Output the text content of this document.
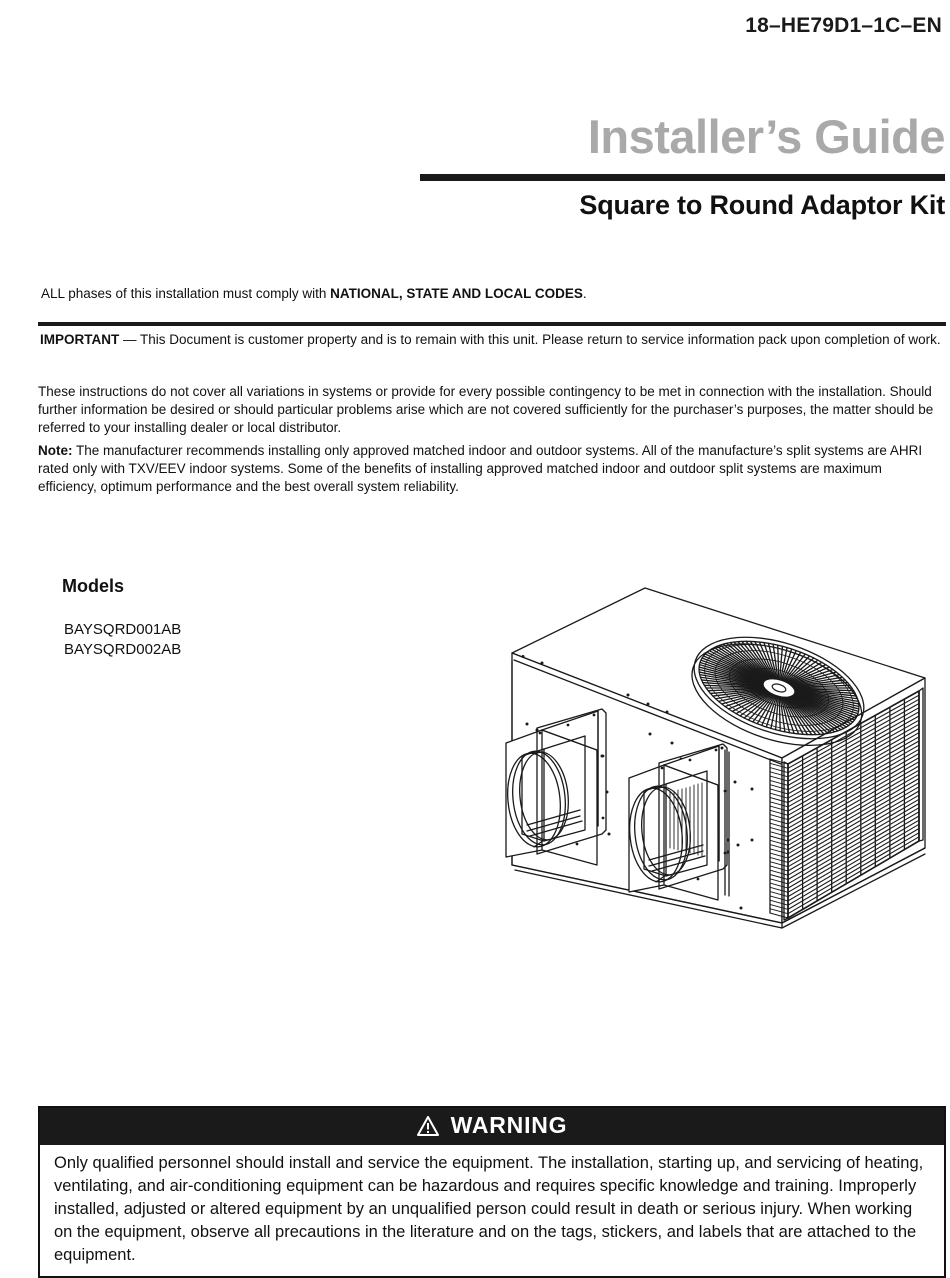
18–HE79D1–1C–EN
Installer’s Guide
Square to Round Adaptor Kit
ALL phases of this installation must comply with NATIONAL, STATE AND LOCAL CODES.
IMPORTANT — This Document is customer property and is to remain with this unit. Please return to service information pack upon completion of work.
These instructions do not cover all variations in systems or provide for every possible contingency to be met in connection with the installation. Should further information be desired or should particular problems arise which are not covered sufficiently for the purchaser’s purposes, the matter should be referred to your installing dealer or local distributor.
Note: The manufacturer recommends installing only approved matched indoor and outdoor systems. All of the manufacture’s split systems are AHRI rated only with TXV/EEV indoor systems. Some of the benefits of installing approved matched indoor and outdoor split systems are maximum efficiency, optimum performance and the best overall system reliability.
Models
BAYSQRD001AB
BAYSQRD002AB
WARNING
Only qualified personnel should install and service the equipment. The installation, starting up, and servicing of heating, ventilating, and air-conditioning equipment can be hazardous and requires specific knowledge and training. Improperly installed, adjusted or altered equipment by an unqualified person could result in death or serious injury. When working on the equipment, observe all precautions in the literature and on the tags, stickers, and labels that are attached to the equipment.
